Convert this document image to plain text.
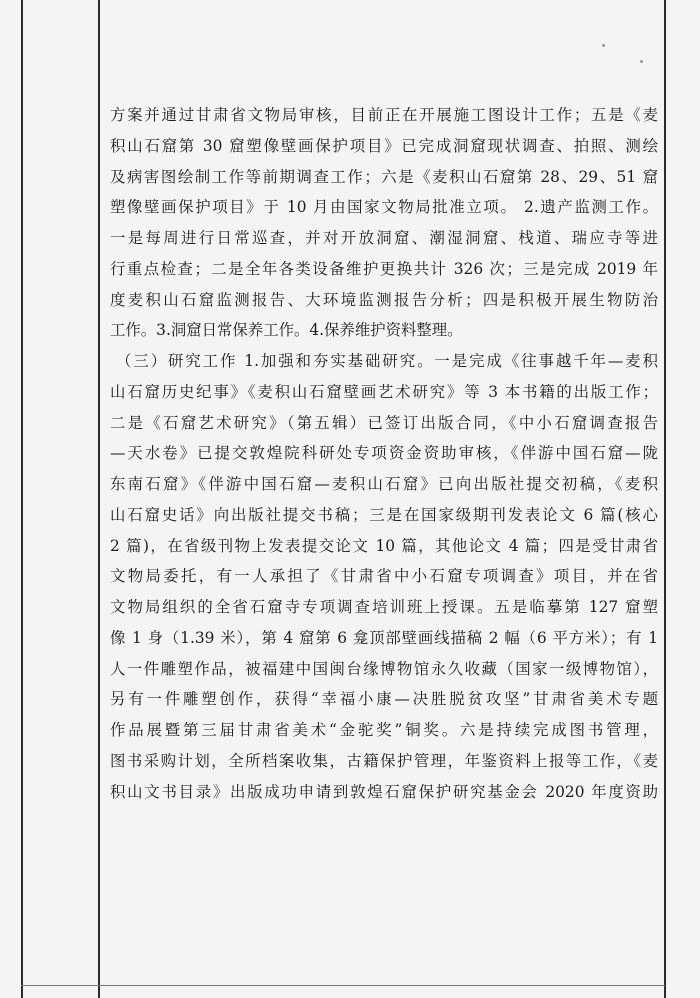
方案并通过甘肃省文物局审核，目前正在开展施工图设计工作；五是《麦
积山石窟第 30 窟塑像壁画保护项目》已完成洞窟现状调查、拍照、测绘
及病害图绘制工作等前期调查工作；六是《麦积山石窟第 28、29、51 窟
塑像壁画保护项目》于 10 月由国家文物局批准立项。 2.遗产监测工作。
一是每周进行日常巡查，并对开放洞窟、潮湿洞窟、栈道、瑞应寺等进
行重点检查；二是全年各类设备维护更换共计 326 次；三是完成 2019 年
度麦积山石窟监测报告、大环境监测报告分析；四是积极开展生物防治
工作。3.洞窟日常保养工作。4.保养维护资料整理。
（三）研究工作 1.加强和夯实基础研究。一是完成《往事越千年—麦积
山石窟历史纪事》《麦积山石窟壁画艺术研究》等 3 本书籍的出版工作；
二是《石窟艺术研究》（第五辑）已签订出版合同，《中小石窟调查报告
—天水卷》已提交敦煌院科研处专项资金资助审核，《伴游中国石窟—陇
东南石窟》《伴游中国石窟—麦积山石窟》已向出版社提交初稿，《麦积
山石窟史话》向出版社提交书稿；三是在国家级期刊发表论文 6 篇(核心
2 篇)，在省级刊物上发表提交论文 10 篇，其他论文 4 篇；四是受甘肃省
文物局委托，有一人承担了《甘肃省中小石窟专项调查》项目，并在省
文物局组织的全省石窟寺专项调查培训班上授课。五是临摹第 127 窟塑
像 1 身（1.39 米），第 4 窟第 6 龛顶部壁画线描稿 2 幅（6 平方米）；有 1
人一件雕塑作品，被福建中国闽台缘博物馆永久收藏（国家一级博物馆），
另有一件雕塑创作，获得“幸福小康—决胜脱贫攻坚”甘肃省美术专题
作品展暨第三届甘肃省美术“金驼奖”铜奖。六是持续完成图书管理，
图书采购计划，全所档案收集，古籍保护管理，年鉴资料上报等工作，《麦
积山文书目录》出版成功申请到敦煌石窟保护研究基金会 2020 年度资助
